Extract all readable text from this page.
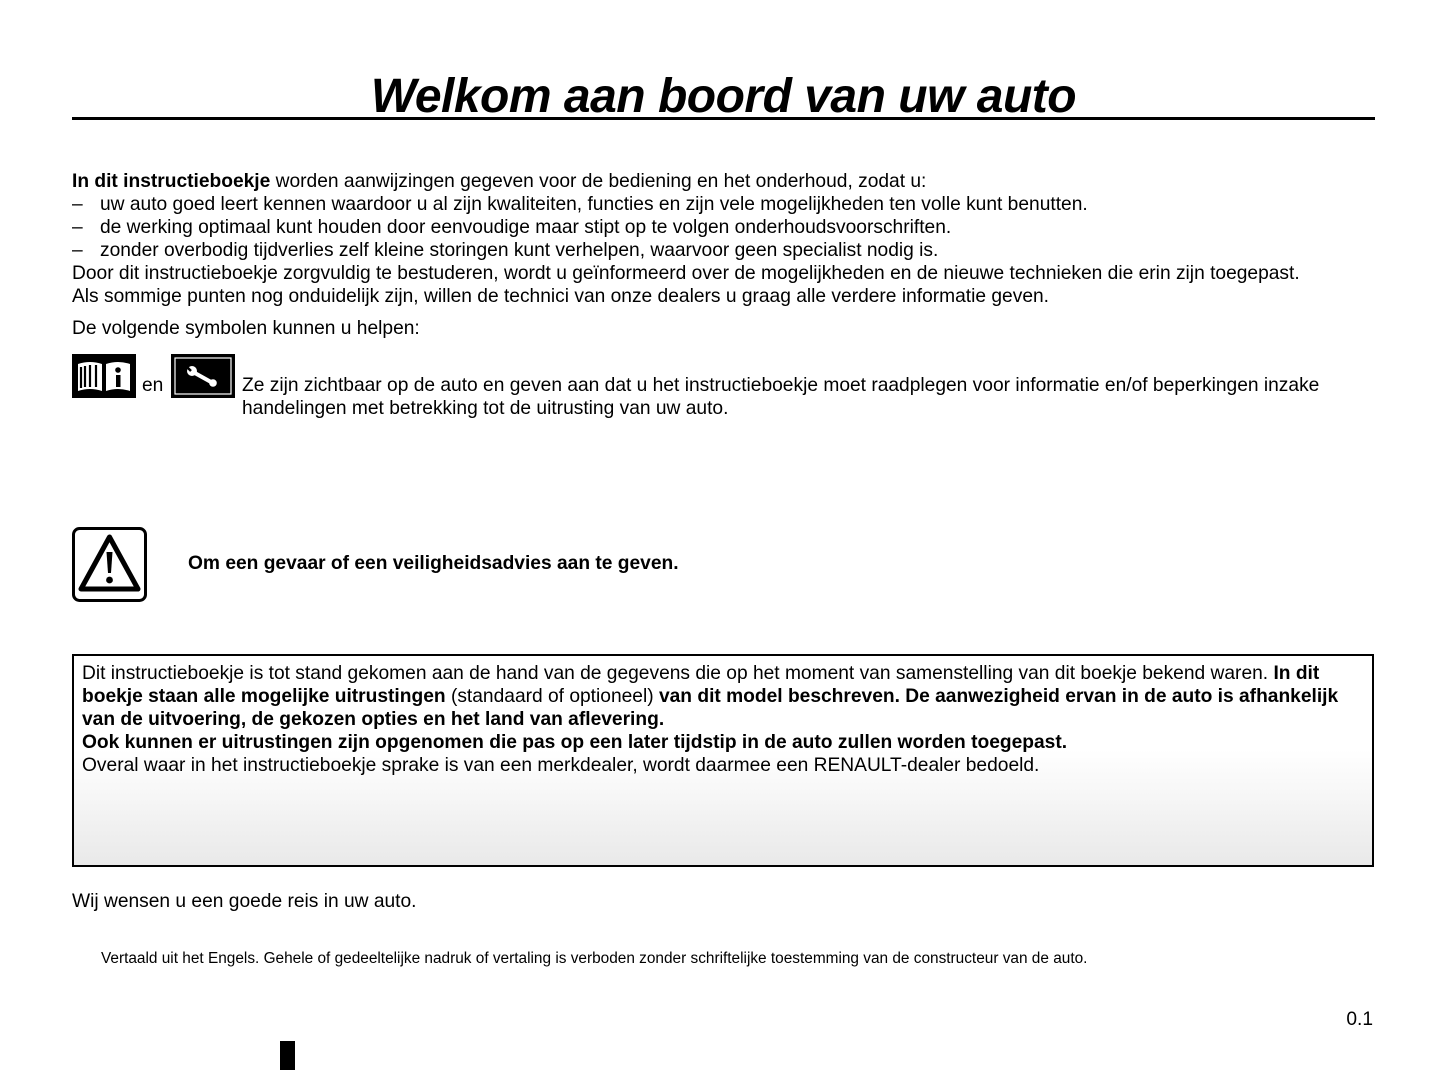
Welkom aan boord van uw auto

In dit instructieboekje worden aanwijzingen gegeven voor de bediening en het onderhoud, zodat u:

– uw auto goed leert kennen waardoor u al zijn kwaliteiten, functies en zijn vele mogelijkheden ten volle kunt benutten.

– de werking optimaal kunt houden door eenvoudige maar stipt op te volgen onderhoudsvoorschriften.

– zonder overbodig tijdverlies zelf kleine storingen kunt verhelpen, waarvoor geen specialist nodig is.

Door dit instructieboekje zorgvuldig te bestuderen, wordt u geïnformeerd over de mogelijkheden en de nieuwe technieken die erin zijn toegepast.

Als sommige punten nog onduidelijk zijn, willen de technici van onze dealers u graag alle verdere informatie geven.

De volgende symbolen kunnen u helpen:

en	Ze zijn zichtbaar op de auto en geven aan dat u het instructieboekje moet raadplegen voor informatie en/of beperkingen inzake handelingen met betrekking tot de uitrusting van uw auto.

Om een gevaar of een veiligheidsadvies aan te geven.

Dit instructieboekje is tot stand gekomen aan de hand van de gegevens die op het moment van samenstelling van dit boekje bekend waren. In dit boekje staan alle mogelijke uitrustingen (standaard of optioneel) van dit model beschreven. De aanwezigheid ervan in de auto is afhankelijk van de uitvoering, de gekozen opties en het land van aflevering.
Ook kunnen er uitrustingen zijn opgenomen die pas op een later tijdstip in de auto zullen worden toegepast.
Overal waar in het instructieboekje sprake is van een merkdealer, wordt daarmee een RENAULT-dealer bedoeld.

Wij wensen u een goede reis in uw auto.

Vertaald uit het Engels. Gehele of gedeeltelijke nadruk of vertaling is verboden zonder schriftelijke toestemming van de constructeur van de auto.

0.1
